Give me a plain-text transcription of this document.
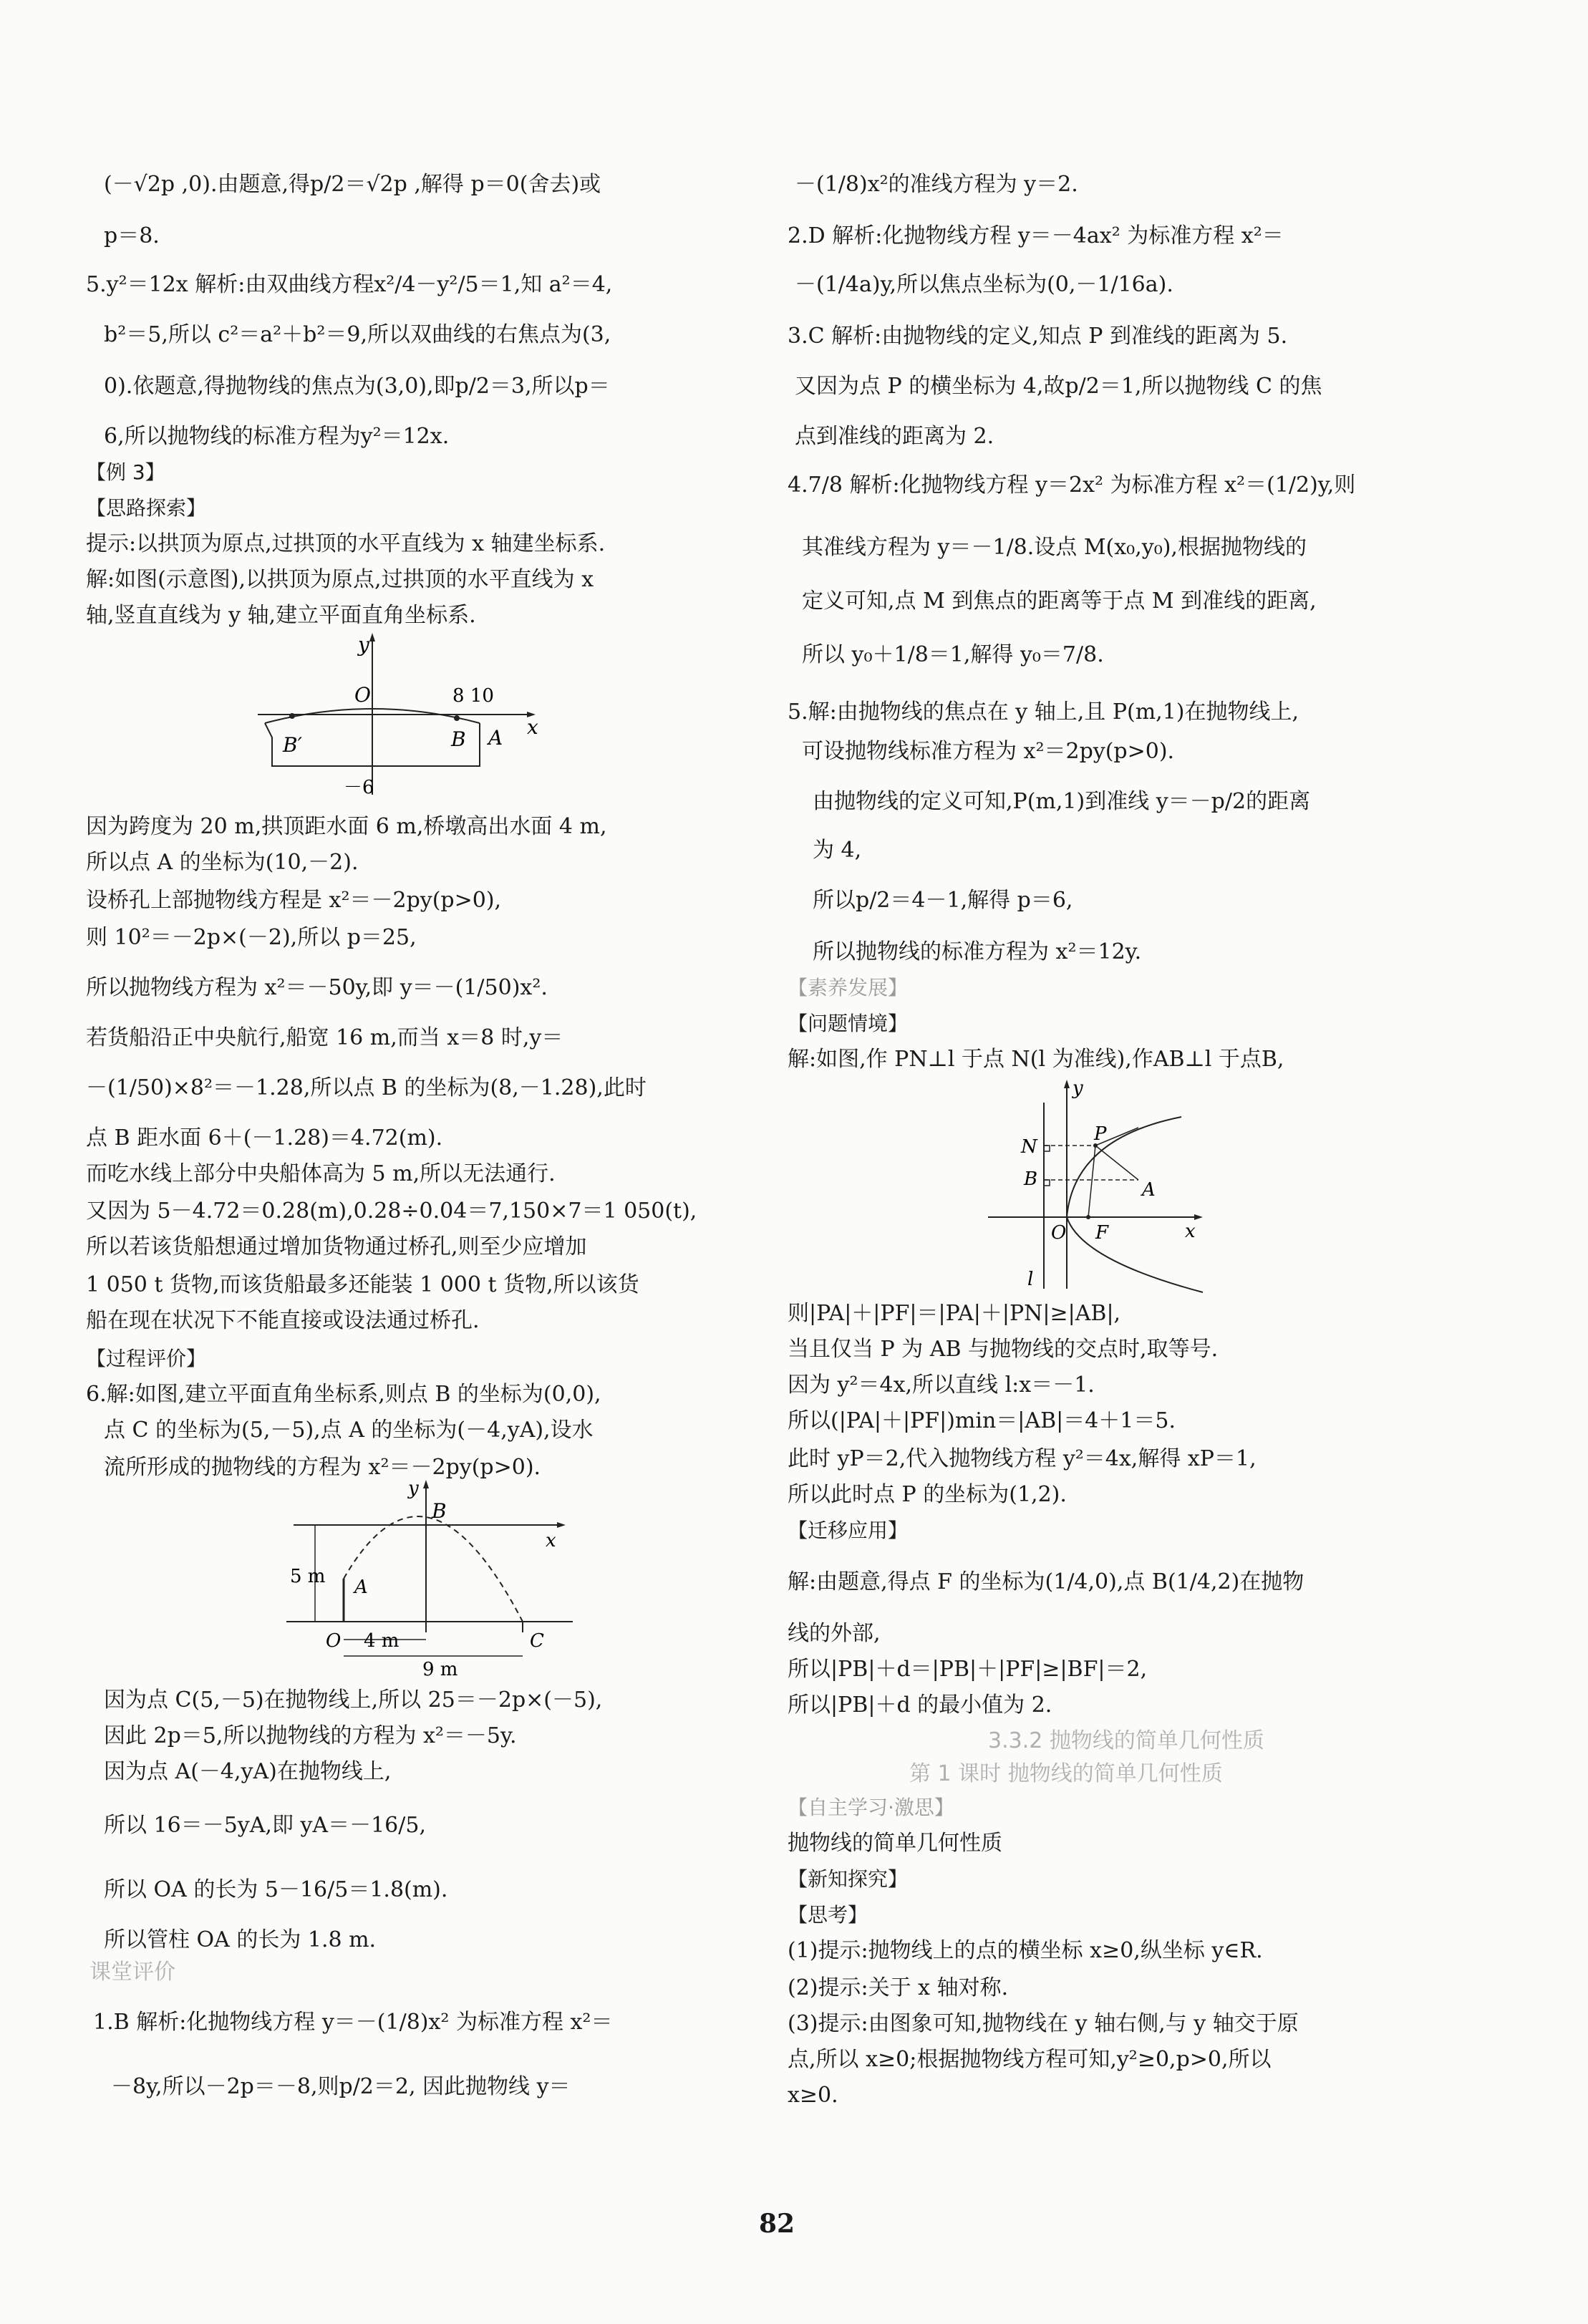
(－√2p ,0).由题意,得p/2＝√2p ,解得 p＝0(舍去)或
p＝8.
5.y²＝12x 解析:由双曲线方程x²/4－y²/5＝1,知 a²＝4,
b²＝5,所以 c²＝a²＋b²＝9,所以双曲线的右焦点为(3,
0).依题意,得抛物线的焦点为(3,0),即p/2＝3,所以p＝
6,所以抛物线的标准方程为y²＝12x.
【例 3】
【思路探索】
提示:以拱顶为原点,过拱顶的水平直线为 x 轴建坐标系.
解:如图(示意图),以拱顶为原点,过拱顶的水平直线为 x
轴,竖直直线为 y 轴,建立平面直角坐标系.
因为跨度为 20 m,拱顶距水面 6 m,桥墩高出水面 4 m,
所以点 A 的坐标为(10,－2).
设桥孔上部抛物线方程是 x²＝－2py(p>0),
则 10²＝－2p×(－2),所以 p＝25,
所以抛物线方程为 x²＝－50y,即 y＝－(1/50)x².
若货船沿正中央航行,船宽 16 m,而当 x＝8 时,y＝
－(1/50)×8²＝－1.28,所以点 B 的坐标为(8,－1.28),此时
点 B 距水面 6＋(－1.28)＝4.72(m).
而吃水线上部分中央船体高为 5 m,所以无法通行.
又因为 5－4.72＝0.28(m),0.28÷0.04＝7,150×7＝1 050(t),
所以若该货船想通过增加货物通过桥孔,则至少应增加
1 050 t 货物,而该货船最多还能装 1 000 t 货物,所以该货
船在现在状况下不能直接或设法通过桥孔.
【过程评价】
6.解:如图,建立平面直角坐标系,则点 B 的坐标为(0,0),
点 C 的坐标为(5,－5),点 A 的坐标为(－4,yA),设水
流所形成的抛物线的方程为 x²＝－2py(p>0).
因为点 C(5,－5)在抛物线上,所以 25＝－2p×(－5),
因此 2p＝5,所以抛物线的方程为 x²＝－5y.
因为点 A(－4,yA)在抛物线上,
所以 16＝－5yA,即 yA＝－16/5,
所以 OA 的长为 5－16/5＝1.8(m).
所以管柱 OA 的长为 1.8 m.
课堂评价
1.B 解析:化抛物线方程 y＝－(1/8)x² 为标准方程 x²＝
－8y,所以－2p＝－8,则p/2＝2, 因此抛物线 y＝
－(1/8)x²的准线方程为 y＝2.
2.D 解析:化抛物线方程 y＝－4ax² 为标准方程 x²＝
－(1/4a)y,所以焦点坐标为(0,－1/16a).
3.C 解析:由抛物线的定义,知点 P 到准线的距离为 5.
又因为点 P 的横坐标为 4,故p/2＝1,所以抛物线 C 的焦
点到准线的距离为 2.
4.7/8 解析:化抛物线方程 y＝2x² 为标准方程 x²＝(1/2)y,则
其准线方程为 y＝－1/8.设点 M(x₀,y₀),根据抛物线的
定义可知,点 M 到焦点的距离等于点 M 到准线的距离,
所以 y₀＋1/8＝1,解得 y₀＝7/8.
5.解:由抛物线的焦点在 y 轴上,且 P(m,1)在抛物线上,
可设抛物线标准方程为 x²＝2py(p>0).
由抛物线的定义可知,P(m,1)到准线 y＝－p/2的距离
为 4,
所以p/2＝4－1,解得 p＝6,
所以抛物线的标准方程为 x²＝12y.
【素养发展】
【问题情境】
解:如图,作 PN⊥l 于点 N(l 为准线),作AB⊥l 于点B,
则|PA|＋|PF|＝|PA|＋|PN|≥|AB|,
当且仅当 P 为 AB 与抛物线的交点时,取等号.
因为 y²＝4x,所以直线 l:x＝－1.
所以(|PA|＋|PF|)min＝|AB|＝4＋1＝5.
此时 yP＝2,代入抛物线方程 y²＝4x,解得 xP＝1,
所以此时点 P 的坐标为(1,2).
【迁移应用】
解:由题意,得点 F 的坐标为(1/4,0),点 B(1/4,2)在抛物
线的外部,
所以|PB|＋d＝|PB|＋|PF|≥|BF|＝2,
所以|PB|＋d 的最小值为 2.
3.3.2 抛物线的简单几何性质
第 1 课时 抛物线的简单几何性质
【自主学习·激思】
抛物线的简单几何性质
【新知探究】
【思考】
(1)提示:抛物线上的点的横坐标 x≥0,纵坐标 y∈R.
(2)提示:关于 x 轴对称.
(3)提示:由图象可知,抛物线在 y 轴右侧,与 y 轴交于原
点,所以 x≥0;根据抛物线方程可知,y²≥0,p>0,所以
x≥0.
y
O	8 10
x
B′	B A
－6
y
B
x
5 m A
O 4 m	C
9 m
y
N
P
B	A
O F	x
l
82
